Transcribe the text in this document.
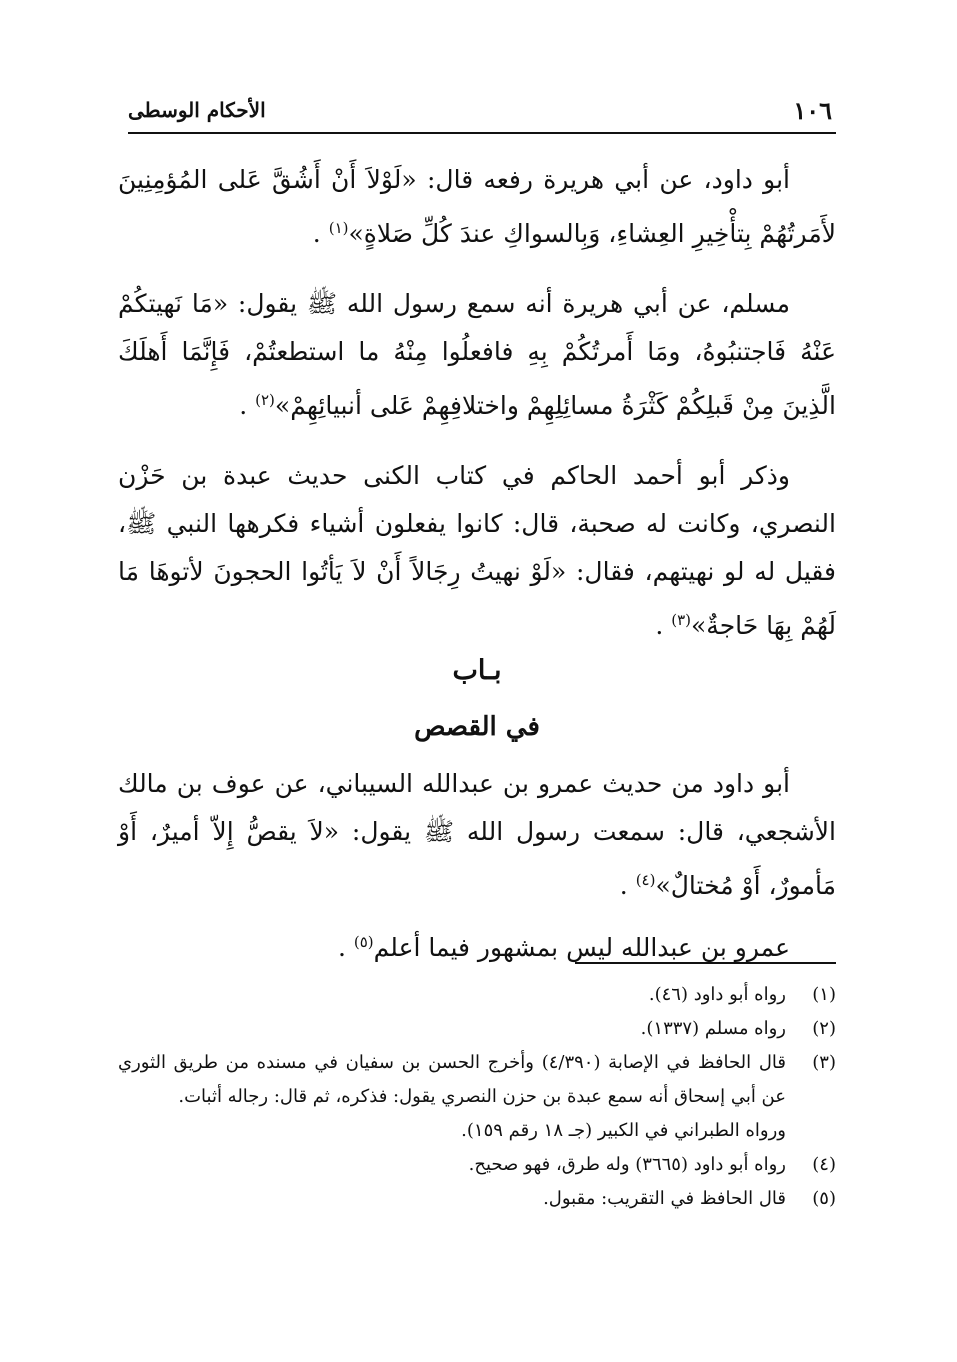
١٠٦
الأحكام الوسطى

أبو داود، عن أبي هريرة رفعه قال: «لَوْلاَ أَنْ أَشُقَّ عَلى المُؤمِنِينَ لأَمَرتُهُمْ بِتأْخِيرِ العِشاءِ، وَبِالسواكِ عندَ كُلِّ صَلاةٍ»$^{(١)}$ .

مسلم، عن أبي هريرة أنه سمع رسول الله ﷺ يقول: «مَا نَهيتكُمْ عَنْهُ فَاجتنبُوهُ، ومَا أَمرتُكُمْ بِهِ فافعلُوا مِنْهُ ما استطعتُمْ، فَإِنَّمَا أَهلَكَ الَّذِينَ مِنْ قَبلِكُمْ كَثْرَةُ مسائِلِهِمْ واختلافِهِمْ عَلى أنبيائِهِمْ»$^{(٢)}$ .

وذكر أبو أحمد الحاكم في كتاب الكنى حديث عبدة بن حَزْن النصري، وكانت له صحبة، قال: كانوا يفعلون أشياء فكرهها النبي ﷺ، فقيل له لو نهيتهم، فقال: «لَوْ نهيتُ رِجَالاً أَنْ لاَ يَأتُوا الحجونَ لأتوهَا مَا لَهُمْ بِهَا حَاجةٌ»$^{(٣)}$ .

بـاب
في القصص

أبو داود من حديث عمرو بن عبدالله السيباني، عن عوف بن مالك الأشجعي، قال: سمعت رسول الله ﷺ يقول: «لاَ يقصُّ إِلاّ أميرٌ، أَوْ مَأمورٌ، أَوْ مُختالٌ»$^{(٤)}$ .

عمرو بن عبدالله ليس بمشهور فيما أعلم$^{(٥)}$ .

(١)
رواه أبو داود (٤٦).
(٢)
رواه مسلم (١٣٣٧).
(٣)
قال الحافظ في الإصابة (٤/٣٩٠) وأخرج الحسن بن سفيان في مسنده من طريق الثوري عن أبي إسحاق أنه سمع عبدة بن حزن النصري يقول: فذكره، ثم قال: رجاله أثبات.
ورواه الطبراني في الكبير (جـ ١٨ رقم ١٥٩).
(٤)
رواه أبو داود (٣٦٦٥) وله طرق، فهو صحيح.
(٥)
قال الحافظ في التقريب: مقبول.
